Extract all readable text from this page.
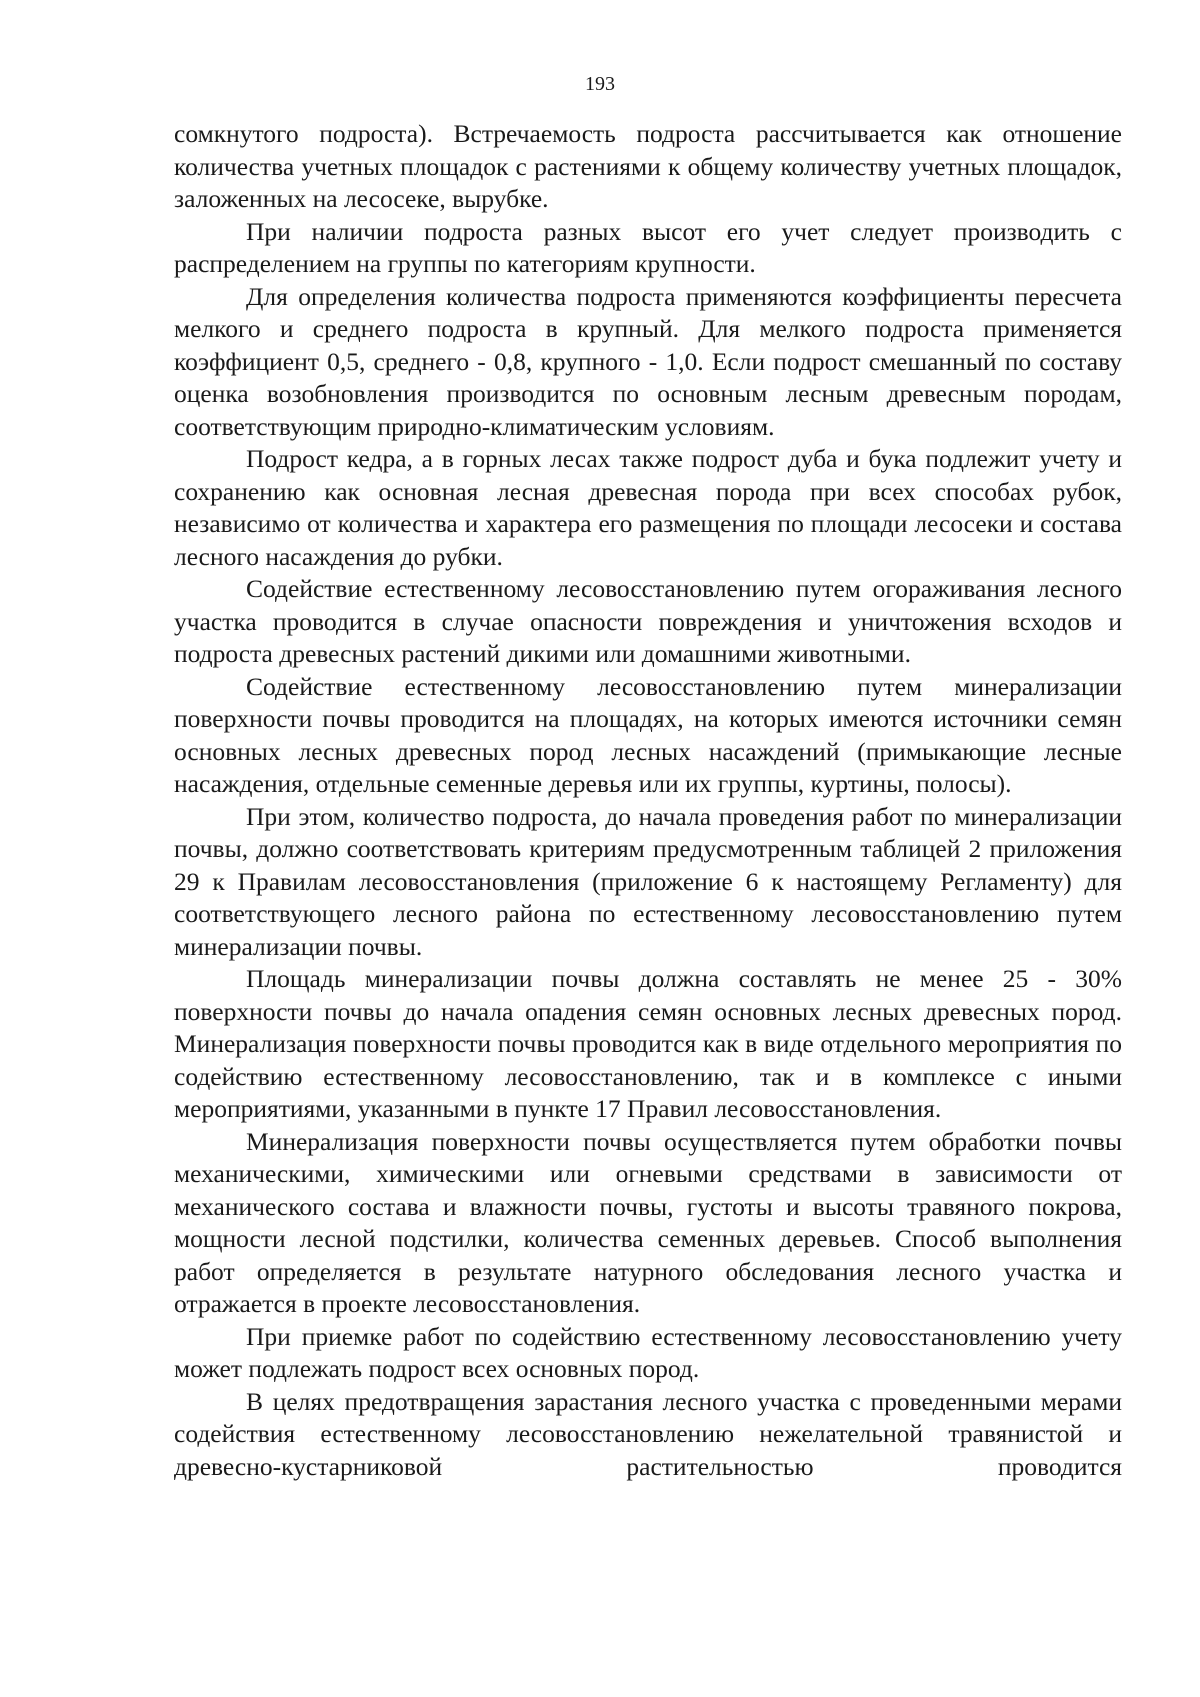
193

сомкнутого подроста). Встречаемость подроста рассчитывается как отношение количества учетных площадок с растениями к общему количеству учетных площадок, заложенных на лесосеке, вырубке.

При наличии подроста разных высот его учет следует производить с распределением на группы по категориям крупности.

Для определения количества подроста применяются коэффициенты пересчета мелкого и среднего подроста в крупный. Для мелкого подроста применяется коэффициент 0,5, среднего - 0,8, крупного - 1,0. Если подрост смешанный по составу оценка возобновления производится по основным лесным древесным породам, соответствующим природно-климатическим условиям.

Подрост кедра, а в горных лесах также подрост дуба и бука подлежит учету и сохранению как основная лесная древесная порода при всех способах рубок, независимо от количества и характера его размещения по площади лесосеки и состава лесного насаждения до рубки.

Содействие естественному лесовосстановлению путем огораживания лесного участка проводится в случае опасности повреждения и уничтожения всходов и подроста древесных растений дикими или домашними животными.

Содействие естественному лесовосстановлению путем минерализации поверхности почвы проводится на площадях, на которых имеются источники семян основных лесных древесных пород лесных насаждений (примыкающие лесные насаждения, отдельные семенные деревья или их группы, куртины, полосы).

При этом, количество подроста, до начала проведения работ по минерализации почвы, должно соответствовать критериям предусмотренным таблицей 2 приложения 29 к Правилам лесовосстановления (приложение 6 к настоящему Регламенту) для соответствующего лесного района по естественному лесовосстановлению путем минерализации почвы.

Площадь минерализации почвы должна составлять не менее 25 - 30% поверхности почвы до начала опадения семян основных лесных древесных пород. Минерализация поверхности почвы проводится как в виде отдельного мероприятия по содействию естественному лесовосстановлению, так и в комплексе с иными мероприятиями, указанными в пункте 17 Правил лесовосстановления.

Минерализация поверхности почвы осуществляется путем обработки почвы механическими, химическими или огневыми средствами в зависимости от механического состава и влажности почвы, густоты и высоты травяного покрова, мощности лесной подстилки, количества семенных деревьев. Способ выполнения работ определяется в результате натурного обследования лесного участка и отражается в проекте лесовосстановления.

При приемке работ по содействию естественному лесовосстановлению учету может подлежать подрост всех основных пород.

В целях предотвращения зарастания лесного участка с проведенными мерами содействия естественному лесовосстановлению нежелательной травянистой и древесно-кустарниковой растительностью проводится
